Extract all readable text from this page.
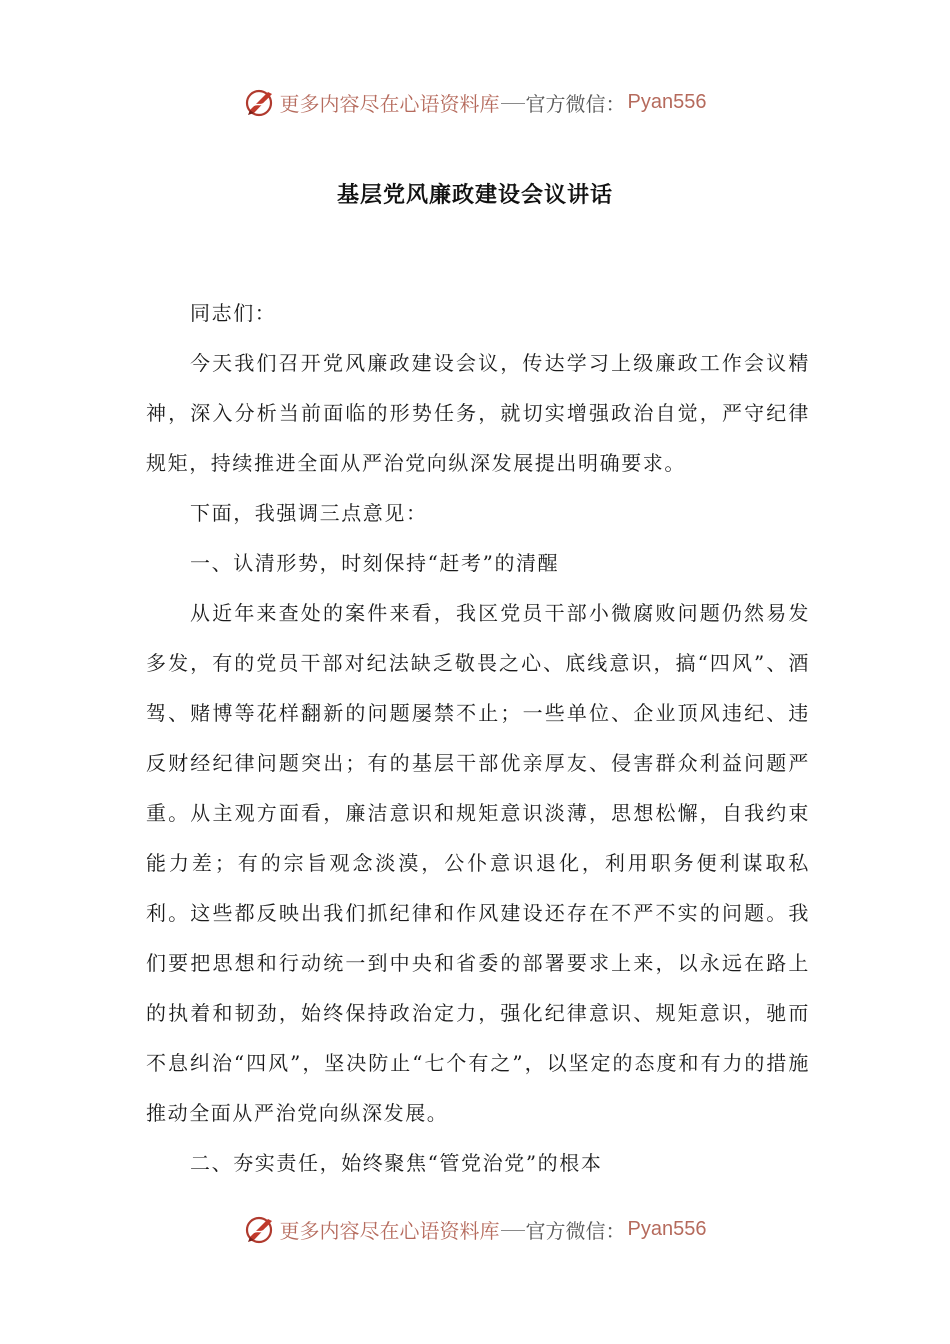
更多内容尽在心语资料库 官方微信： Pyan556
基层党风廉政建设会议讲话

同志们：

今天我们召开党风廉政建设会议，传达学习上级廉政工作会议精神，深入分析当前面临的形势任务，就切实增强政治自觉，严守纪律规矩，持续推进全面从严治党向纵深发展提出明确要求。

下面，我强调三点意见：

一、认清形势，时刻保持“赶考”的清醒

从近年来查处的案件来看，我区党员干部小微腐败问题仍然易发多发，有的党员干部对纪法缺乏敬畏之心、底线意识，搞“四风”、酒驾、赌博等花样翻新的问题屡禁不止；一些单位、企业顶风违纪、违反财经纪律问题突出；有的基层干部优亲厚友、侵害群众利益问题严重。从主观方面看，廉洁意识和规矩意识淡薄，思想松懈，自我约束能力差；有的宗旨观念淡漠，公仆意识退化，利用职务便利谋取私利。这些都反映出我们抓纪律和作风建设还存在不严不实的问题。我们要把思想和行动统一到中央和省委的部署要求上来，以永远在路上的执着和韧劲，始终保持政治定力，强化纪律意识、规矩意识，驰而不息纠治“四风”，坚决防止“七个有之”，以坚定的态度和有力的措施推动全面从严治党向纵深发展。

二、夯实责任，始终聚焦“管党治党”的根本

更多内容尽在心语资料库 官方微信： Pyan556
